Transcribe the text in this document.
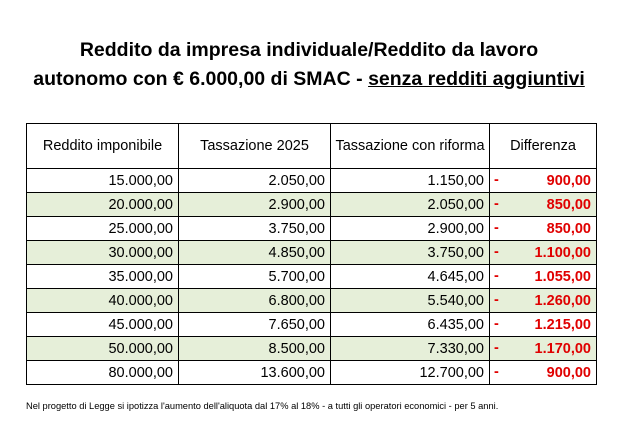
Reddito da impresa individuale/Reddito da lavoro
autonomo con € 6.000,00 di SMAC - senza redditi aggiuntivi
Reddito imponibile	Tassazione 2025	Tassazione con riforma	Differenza
15.000,00	2.050,00	1.150,00	- 900,00
20.000,00	2.900,00	2.050,00	- 850,00
25.000,00	3.750,00	2.900,00	- 850,00
30.000,00	4.850,00	3.750,00	- 1.100,00
35.000,00	5.700,00	4.645,00	- 1.055,00
40.000,00	6.800,00	5.540,00	- 1.260,00
45.000,00	7.650,00	6.435,00	- 1.215,00
50.000,00	8.500,00	7.330,00	- 1.170,00
80.000,00	13.600,00	12.700,00	- 900,00
Nel progetto di Legge si ipotizza l'aumento dell'aliquota dal 17% al 18% - a tutti gli operatori economici - per 5 anni.
